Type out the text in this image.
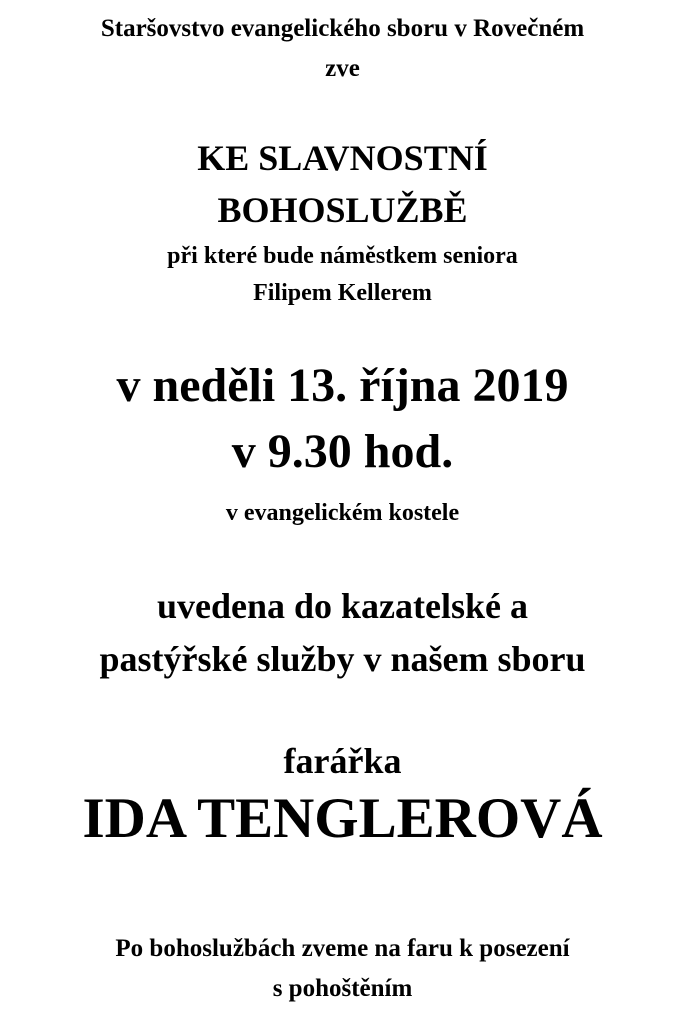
Staršovstvo evangelického sboru v Rovečném
zve
KE SLAVNOSTNÍ
BOHOSLUŽBĚ
při které bude náměstkem seniora
Filipem Kellerem
v neděli 13. října 2019
v 9.30 hod.
v evangelickém kostele
uvedena do kazatelské a
pastýřské služby v našem sboru
farářka
IDA TENGLEROVÁ
Po bohoslužbách zveme na faru k posezení
s pohoštěním
